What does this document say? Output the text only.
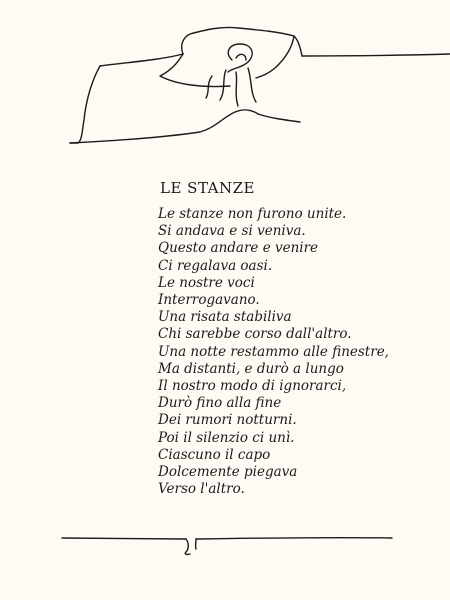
LE STANZE
Le stanze non furono unite.
Si andava e si veniva.
Questo andare e venire
Ci regalava oasi.
Le nostre voci
Interrogavano.
Una risata stabiliva
Chi sarebbe corso dall'altro.
Una notte restammo alle finestre,
Ma distanti, e durò a lungo
Il nostro modo di ignorarci,
Durò fino alla fine
Dei rumori notturni.
Poi il silenzio ci unì.
Ciascuno il capo
Dolcemente piegava
Verso l'altro.
